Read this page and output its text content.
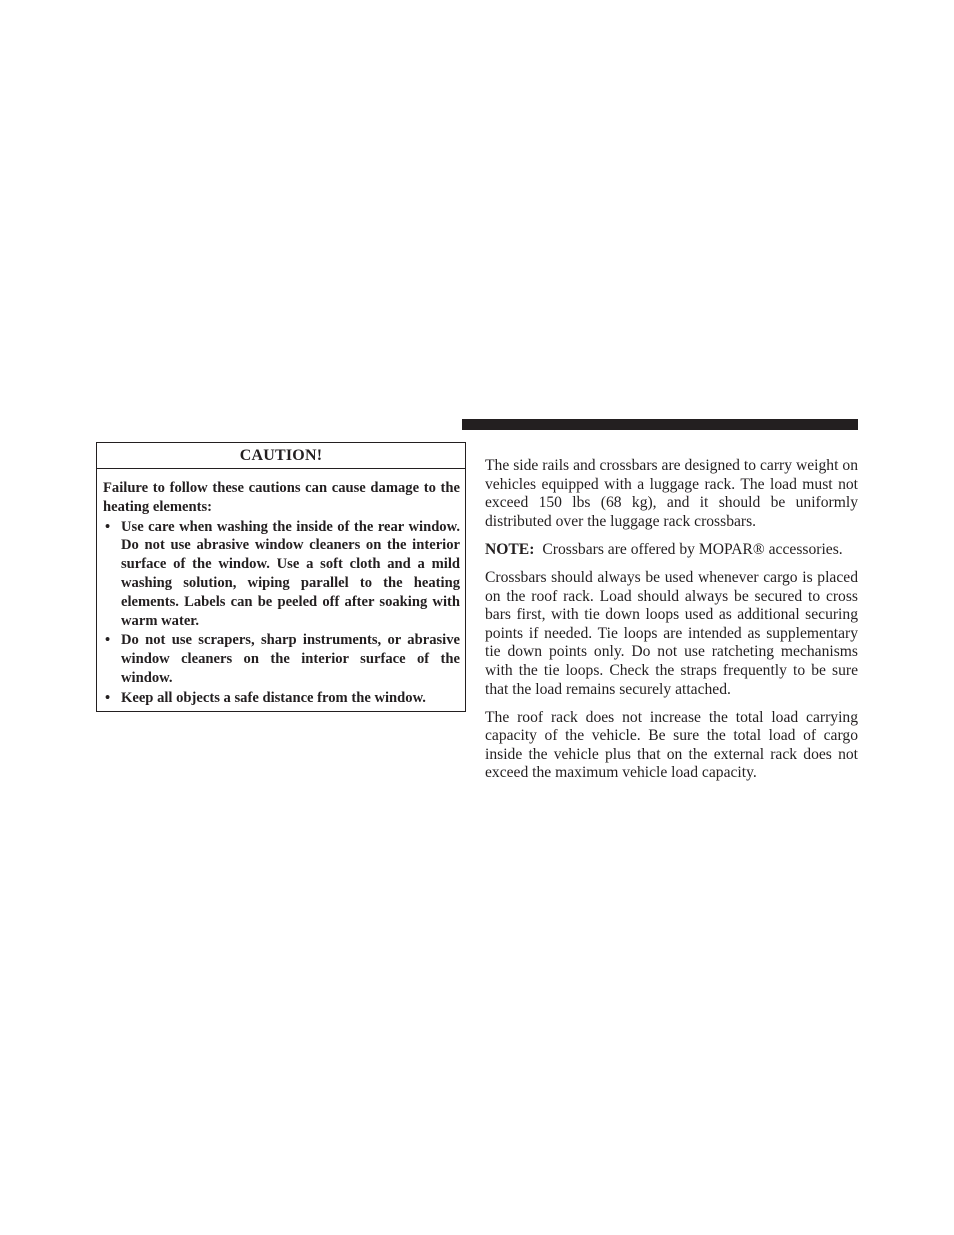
CAUTION!

Failure to follow these cautions can cause damage to the heating elements:

• Use care when washing the inside of the rear window. Do not use abrasive window cleaners on the interior surface of the window. Use a soft cloth and a mild washing solution, wiping parallel to the heating elements. Labels can be peeled off after soaking with warm water.
• Do not use scrapers, sharp instruments, or abrasive window cleaners on the interior surface of the window.
• Keep all objects a safe distance from the window.

The side rails and crossbars are designed to carry weight on vehicles equipped with a luggage rack. The load must not exceed 150 lbs (68 kg), and it should be uniformly distributed over the luggage rack crossbars.

NOTE: Crossbars are offered by MOPAR® accessories.

Crossbars should always be used whenever cargo is placed on the roof rack. Load should always be secured to cross bars first, with tie down loops used as additional securing points if needed. Tie loops are intended as supplementary tie down points only. Do not use ratcheting mechanisms with the tie loops. Check the straps frequently to be sure that the load remains securely attached.

The roof rack does not increase the total load carrying capacity of the vehicle. Be sure the total load of cargo inside the vehicle plus that on the external rack does not exceed the maximum vehicle load capacity.
